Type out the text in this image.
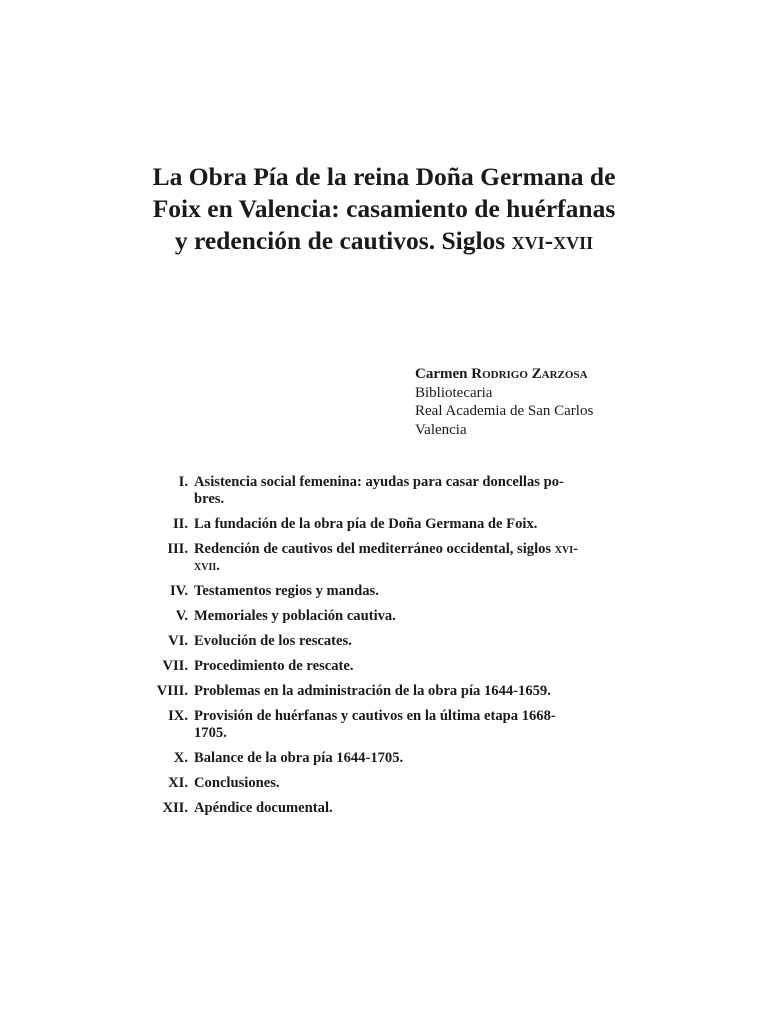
La Obra Pía de la reina Doña Germana de
Foix en Valencia: casamiento de huérfanas
y redención de cautivos. Siglos xvi-xvii
Carmen Rodrigo Zarzosa
Bibliotecaria
Real Academia de San Carlos
Valencia
I. Asistencia social femenina: ayudas para casar doncellas po-
bres.
II. La fundación de la obra pía de Doña Germana de Foix.
III. Redención de cautivos del mediterráneo occidental, siglos xvi-
xvii.
IV. Testamentos regios y mandas.
V. Memoriales y población cautiva.
VI. Evolución de los rescates.
VII. Procedimiento de rescate.
VIII. Problemas en la administración de la obra pía 1644-1659.
IX. Provisión de huérfanas y cautivos en la última etapa 1668-
1705.
X. Balance de la obra pía 1644-1705.
XI. Conclusiones.
XII. Apéndice documental.
